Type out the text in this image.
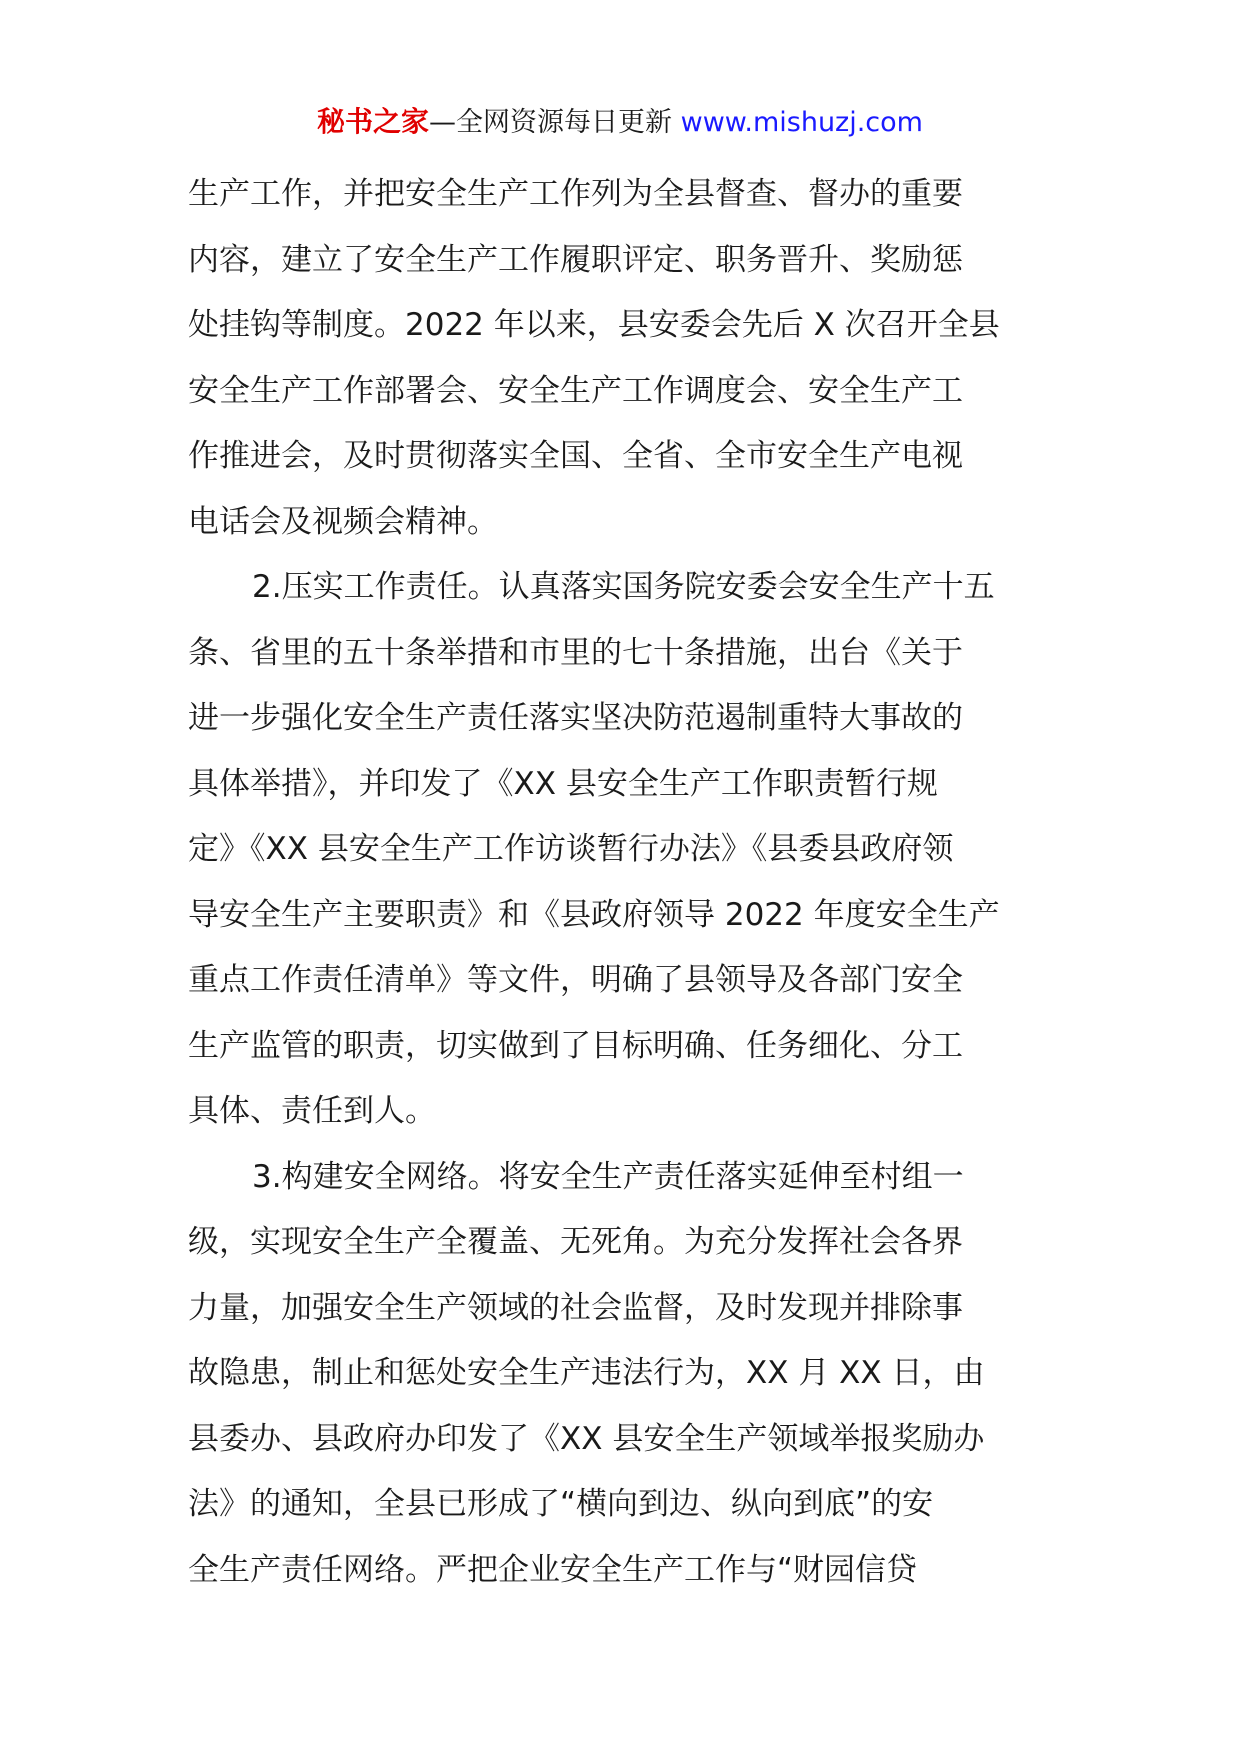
秘书之家—全网资源每日更新 www.mishuzj.com

生产工作，并把安全生产工作列为全县督查、督办的重要
内容，建立了安全生产工作履职评定、职务晋升、奖励惩
处挂钩等制度。2022 年以来，县安委会先后 X 次召开全县
安全生产工作部署会、安全生产工作调度会、安全生产工
作推进会，及时贯彻落实全国、全省、全市安全生产电视
电话会及视频会精神。

2.压实工作责任。认真落实国务院安委会安全生产十五
条、省里的五十条举措和市里的七十条措施，出台《关于
进一步强化安全生产责任落实坚决防范遏制重特大事故的
具体举措》，并印发了《XX 县安全生产工作职责暂行规
定》《XX 县安全生产工作访谈暂行办法》《县委县政府领
导安全生产主要职责》和《县政府领导 2022 年度安全生产
重点工作责任清单》等文件，明确了县领导及各部门安全
生产监管的职责，切实做到了目标明确、任务细化、分工
具体、责任到人。

3.构建安全网络。将安全生产责任落实延伸至村组一
级，实现安全生产全覆盖、无死角。为充分发挥社会各界
力量，加强安全生产领域的社会监督，及时发现并排除事
故隐患，制止和惩处安全生产违法行为，XX 月 XX 日，由
县委办、县政府办印发了《XX 县安全生产领域举报奖励办
法》的通知，全县已形成了“横向到边、纵向到底”的安
全生产责任网络。严把企业安全生产工作与“财园信贷
